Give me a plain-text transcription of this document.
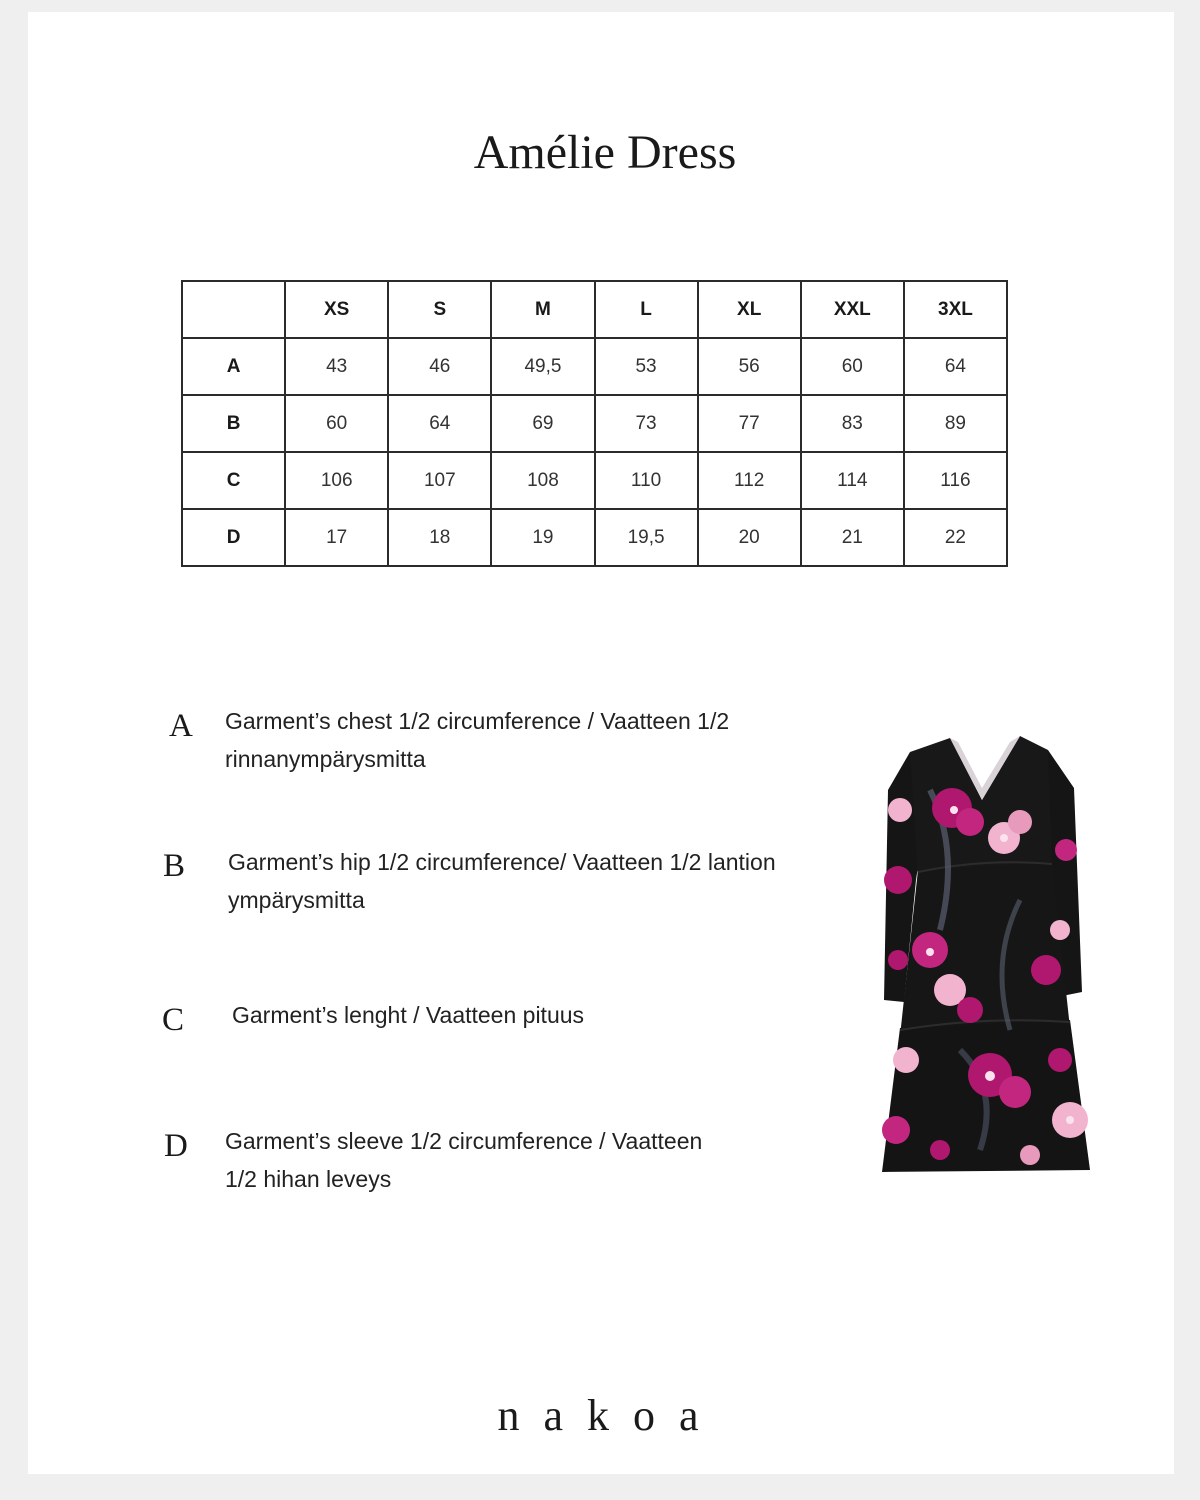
Amélie Dress
	XS	S	M	L	XL	XXL	3XL
A	43	46	49,5	53	56	60	64
B	60	64	69	73	77	83	89
C	106	107	108	110	112	114	116
D	17	18	19	19,5	20	21	22
A Garment’s chest 1/2 circumference / Vaatteen 1/2
rinnanympärysmitta
B Garment’s hip 1/2 circumference/ Vaatteen 1/2 lantion
ympärysmitta
C Garment’s lenght / Vaatteen pituus
D Garment’s sleeve 1/2 circumference / Vaatteen
1/2 hihan leveys
nakoa
